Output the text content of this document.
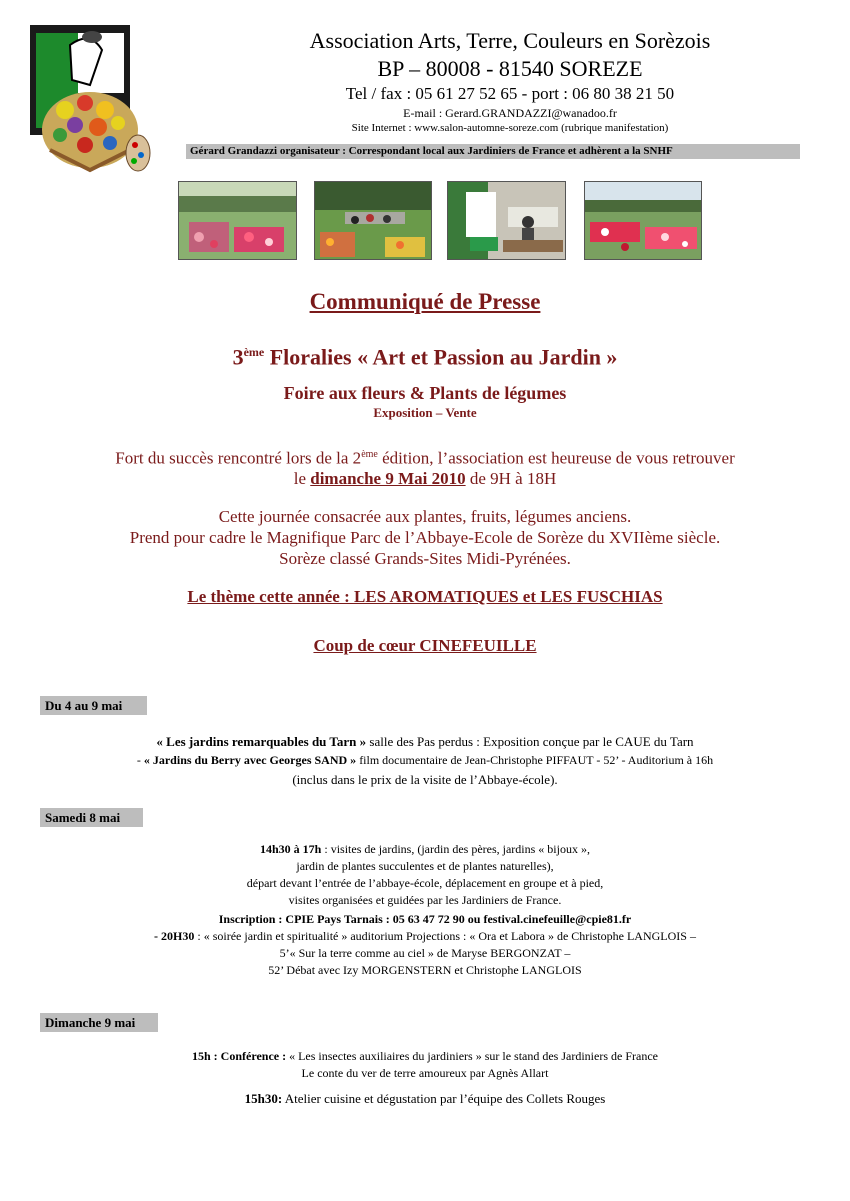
Association Arts, Terre, Couleurs en Sorèzois
BP – 80008 - 81540 SOREZE
Tel / fax : 05 61 27 52 65 - port : 06 80 38 21 50
E-mail : Gerard.GRANDAZZI@wanadoo.fr
Site Internet : www.salon-automne-soreze.com (rubrique manifestation)
Gérard Grandazzi organisateur : Correspondant local aux Jardiniers de France et adhèrent a la SNHF
Communiqué de Presse
3ème Floralies « Art et Passion au Jardin »
Foire aux fleurs & Plants de légumes
Exposition – Vente
Fort du succès rencontré lors de la 2ème édition, l’association est heureuse de vous retrouver
le dimanche 9 Mai 2010 de 9H à 18H
Cette journée consacrée aux plantes, fruits, légumes anciens.
Prend pour cadre le Magnifique Parc de l’Abbaye-Ecole de Sorèze du XVIIème siècle.
Sorèze classé Grands-Sites Midi-Pyrénées.
Le thème cette année : LES AROMATIQUES et LES FUSCHIAS
Coup de cœur CINEFEUILLE
Du 4 au 9 mai
« Les jardins remarquables du Tarn » salle des Pas perdus : Exposition conçue par le CAUE du Tarn
- « Jardins du Berry avec Georges SAND » film documentaire de Jean-Christophe PIFFAUT - 52’ - Auditorium à 16h
(inclus dans le prix de la visite de l’Abbaye-école).
Samedi 8 mai
14h30 à 17h : visites de jardins, (jardin des pères, jardins « bijoux »,
jardin de plantes succulentes et de plantes naturelles),
départ devant l’entrée de l’abbaye-école, déplacement en groupe et à pied,
visites organisées et guidées par les Jardiniers de France.
Inscription : CPIE Pays Tarnais : 05 63 47 72 90 ou festival.cinefeuille@cpie81.fr
- 20H30 : « soirée jardin et spiritualité » auditorium Projections : « Ora et Labora » de Christophe LANGLOIS –
5’« Sur la terre comme au ciel » de Maryse BERGONZAT –
52’ Débat avec Izy MORGENSTERN et Christophe LANGLOIS
Dimanche 9 mai
15h : Conférence : « Les insectes auxiliaires du jardiniers » sur le stand des Jardiniers de France
Le conte du ver de terre amoureux par Agnès Allart
15h30: Atelier cuisine et dégustation par l’équipe des Collets Rouges
